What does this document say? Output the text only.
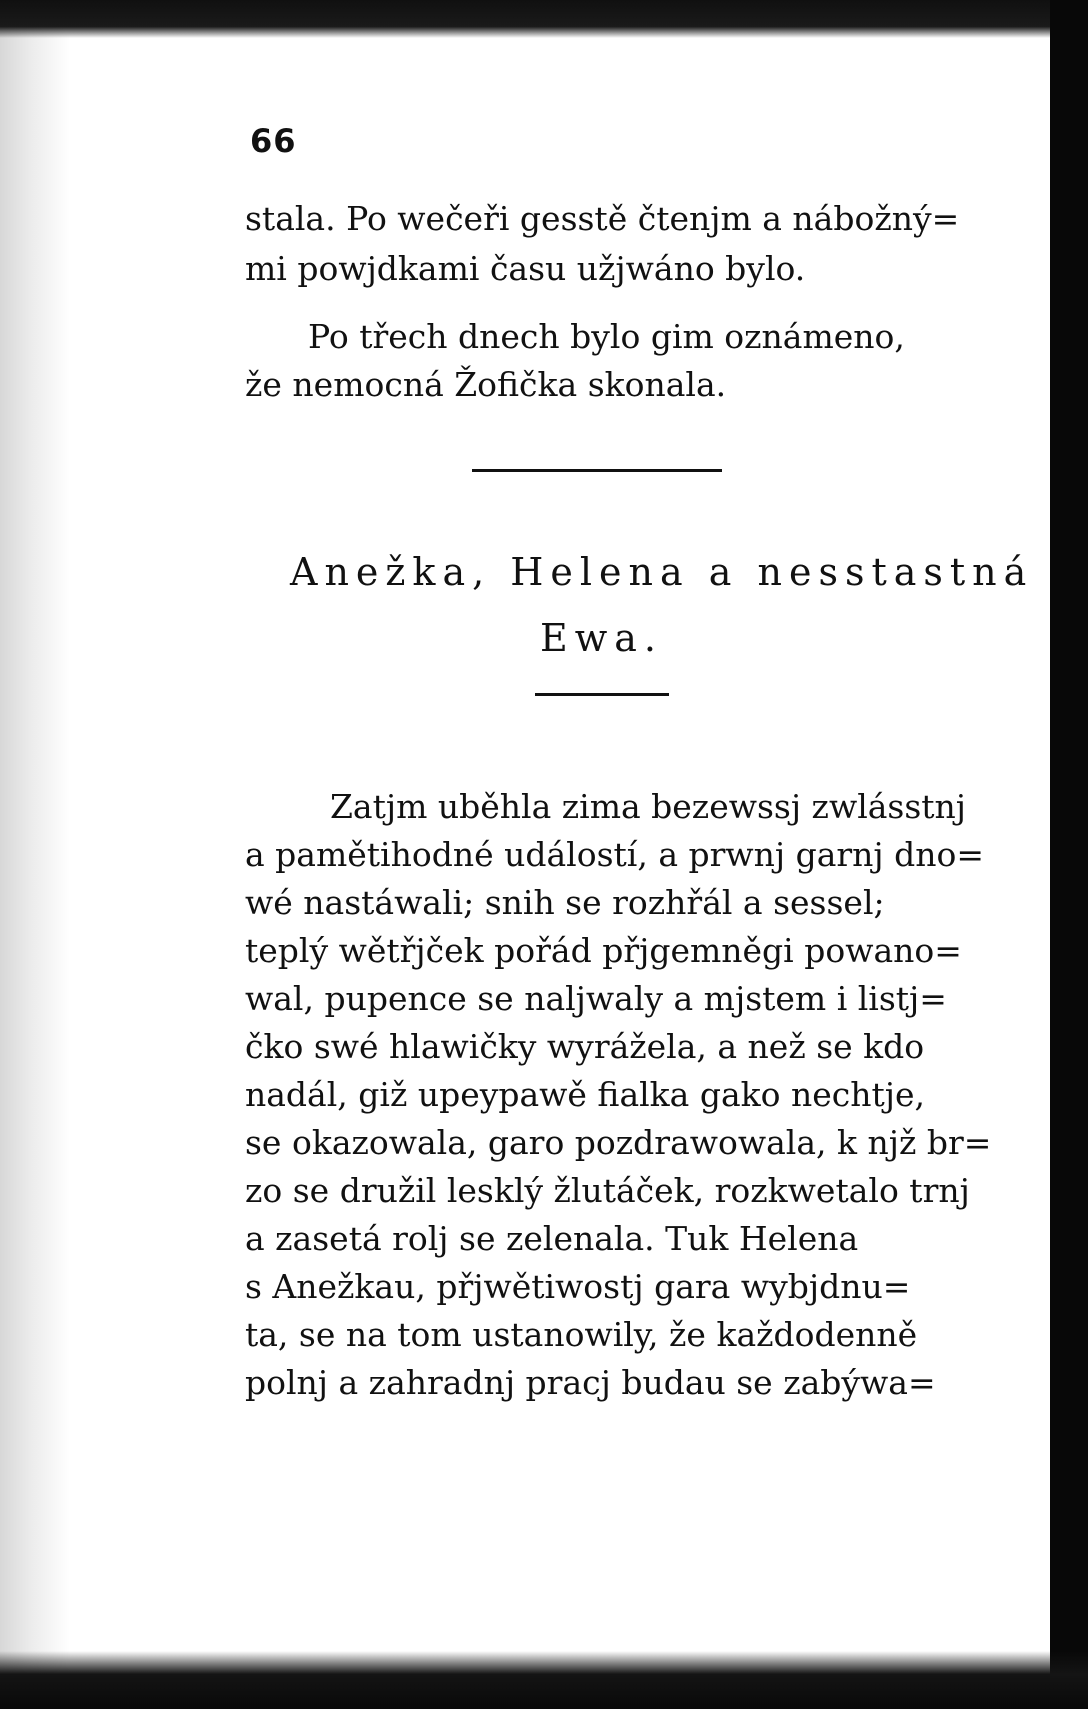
66

stala. Po wečeři gesstě čtenjm a nábožný=

mi powjdkami času užjwáno bylo.

Po třech dnech bylo gim oznámeno,

že nemocná Žofička skonala.

Anežka, Helena a nesstastná

Ewa.

Zatjm uběhla zima bezewssj zwlásstnj

a pamětihodné událostí, a prwnj garnj dno=

wé nastáwali; snih se rozhřál a sessel;

teplý wětřjček pořád přjgemněgi powano=

wal, pupence se naljwaly a mjstem i listj=

čko swé hlawičky wyrážela, a než se kdo

nadál, giž upeypawě fialka gako nechtje,

se okazowala, garo pozdrawowala, k njž br=

zo se družil lesklý žlutáček, rozkwetalo trnj

a zasetá rolj se zelenala. Tuk Helena

s Anežkau, přjwětiwostj gara wybjdnu=

ta, se na tom ustanowily, že každodenně

polnj a zahradnj pracj budau se zabýwa=
